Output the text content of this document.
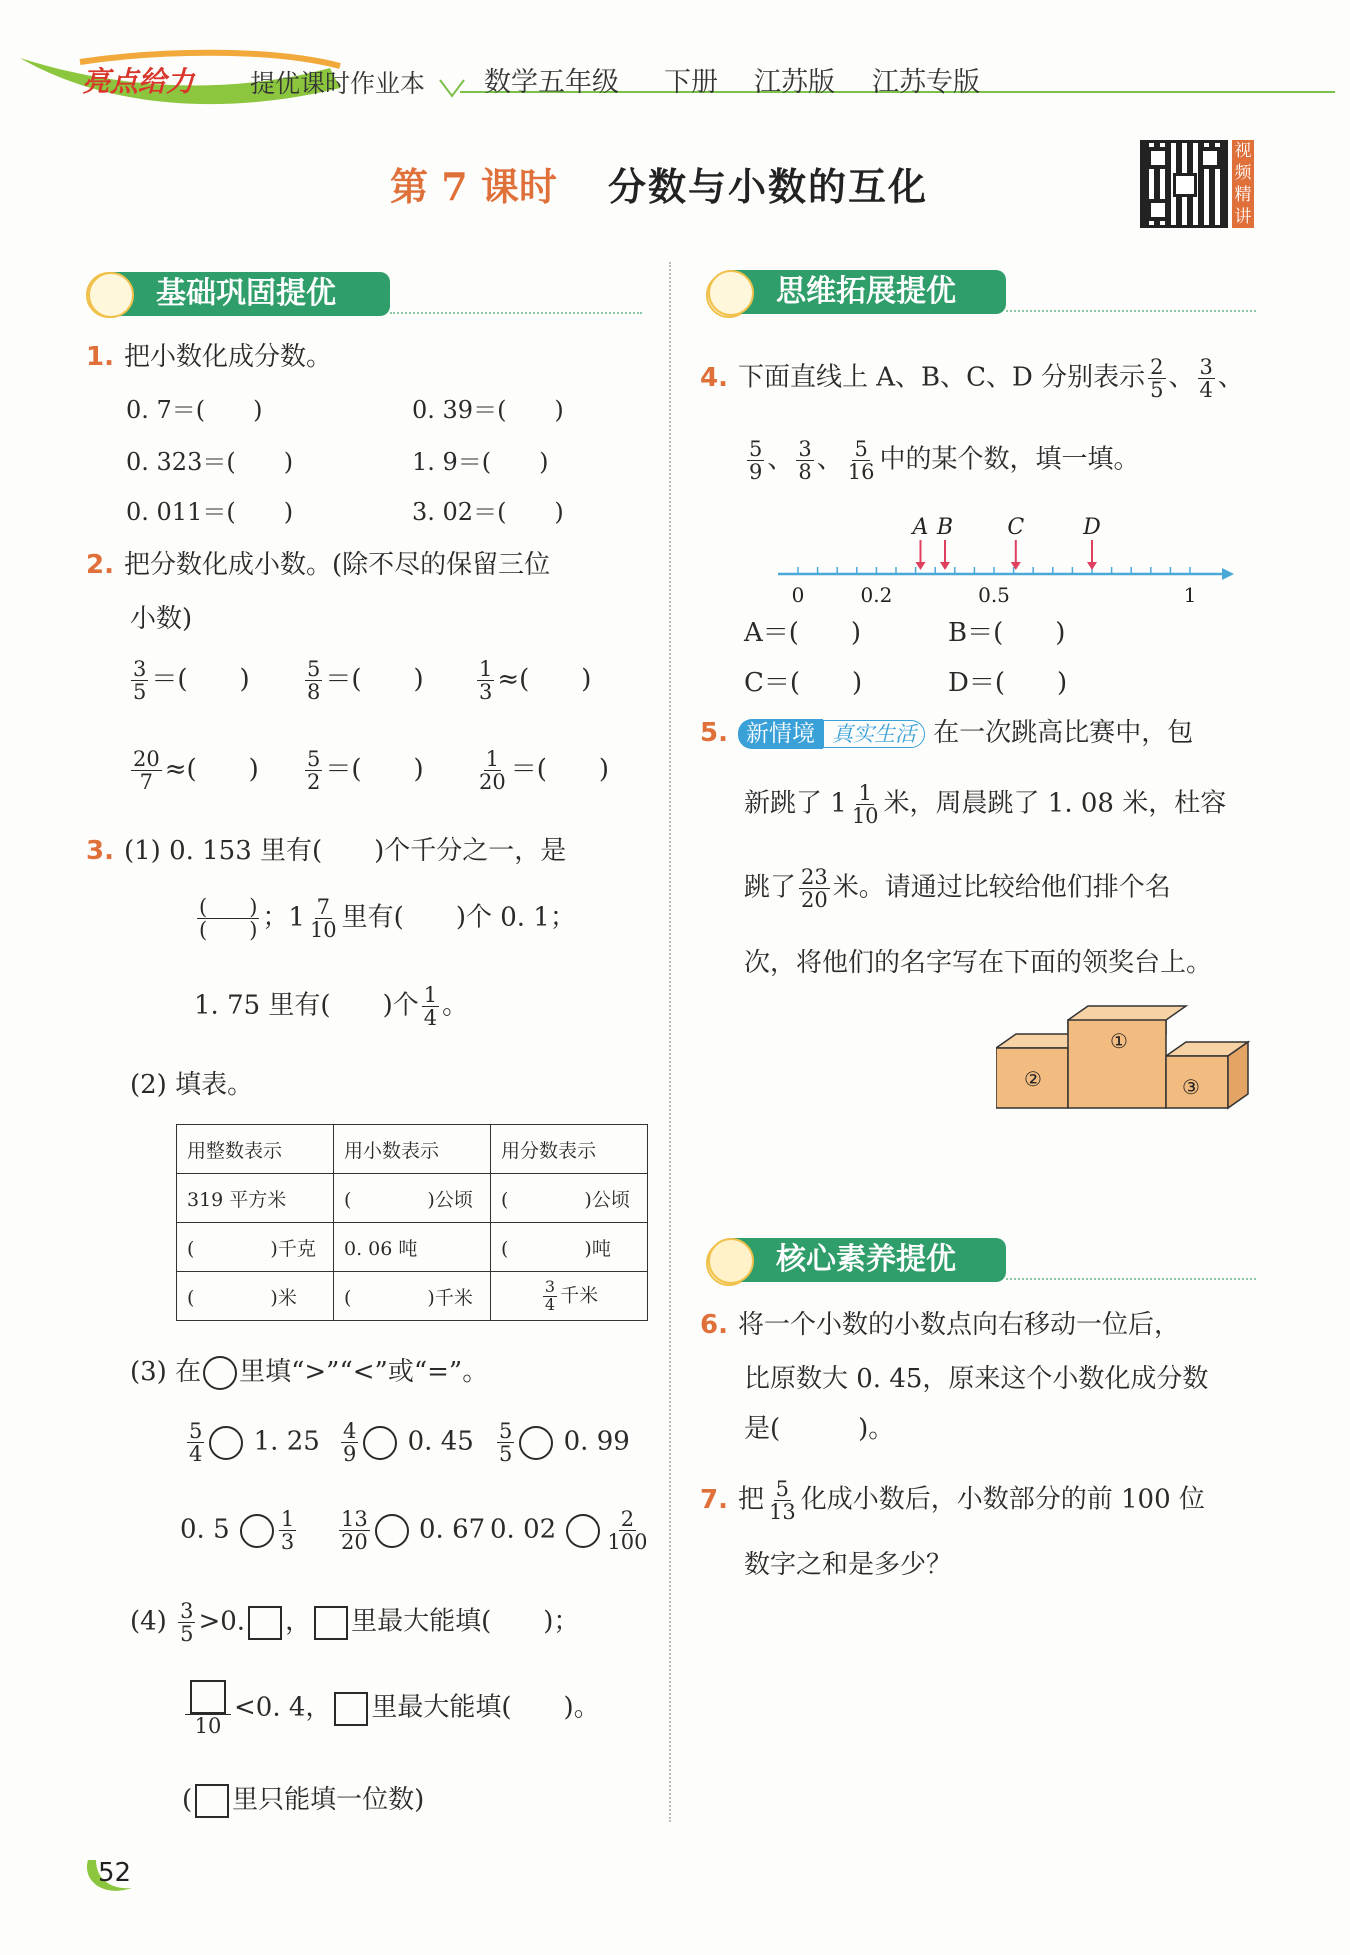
亮点给力 提优课时作业本 数学五年级 下册 江苏版 江苏专版
第 7 课时 分数与小数的互化
视频精讲
基础巩固提优
1. 把小数化成分数。
0. 7＝(　　)	0. 39＝(　　)
0. 323＝(　　)	1. 9＝(　　)
0. 011＝(　　)	3. 02＝(　　)
2. 把分数化成小数。(除不尽的保留三位
小数)
$\frac{3}{5}$ ＝(　　)	$\frac{5}{8}$ ＝(　　)	$\frac{1}{3}$ ≈(　　)
$\frac{20}{7}$ ≈(　　) $\frac{5}{2}$ ＝(　　)	$\frac{1}{20}$ ＝(　　)
3. (1) 0. 153 里有(　　)个千分之一，是
$\frac{( )}{( )}$ ；$1 \frac{7}{10}$ 里有(　　)个 0. 1；
1. 75 里有(　　)个 $\frac{1}{4}$ 。
(2) 填表。
用整数表示	用小数表示	用分数表示
319 平方米	(　　　　)公顷	(　　　　)公顷
(　　　　)千克	0. 06 吨	(　　　　)吨
(　　　　)米	(　　　　)千米	$\frac{3}{4}$ 千米
(3) 在 里填“>”“<”或“=”。
$\frac{5}{4} 1$. $25 \frac{4}{9} 0$. $45 \frac{5}{5} 0$. 99
0. $5 \frac{1}{3} \frac{13}{20} 0$. 67 0. $02 \frac{2}{100}$
$(4) \frac{3}{5} >0$. ， 里最大能填(　　)；
10
<0. 4， 里最大能填(　　)。
( 里只能填一位数)
思维拓展提优
4. 下面直线上 A、B、C、D 分别表示 $\frac{2}{5}$ 、 $\frac{3}{4}$ 、
$\frac{5}{9}$ 、 $\frac{3}{8}$ 、 $\frac{5}{16}$ 中的某个数，填一填。
0	0.2	0.5	1
A B C	D
A＝(　　)	B＝(　　)
C＝(　　)	D＝(　　)
5. 新情境 真实生活 在一次跳高比赛中，包
新跳了 $1 \frac{1}{10}$ 米，周晨跳了 1. 08 米，杜容
跳了 $\frac{23}{20}$ 米。请通过比较给他们排个名
次，将他们的名字写在下面的领奖台上。
①
②	③
核心素养提优
6. 将一个小数的小数点向右移动一位后，
比原数大 0. 45，原来这个小数化成分数
是(　　　)。
7. 把 $\frac{5}{13}$ 化成小数后，小数部分的前 100 位
数字之和是多少？
52
